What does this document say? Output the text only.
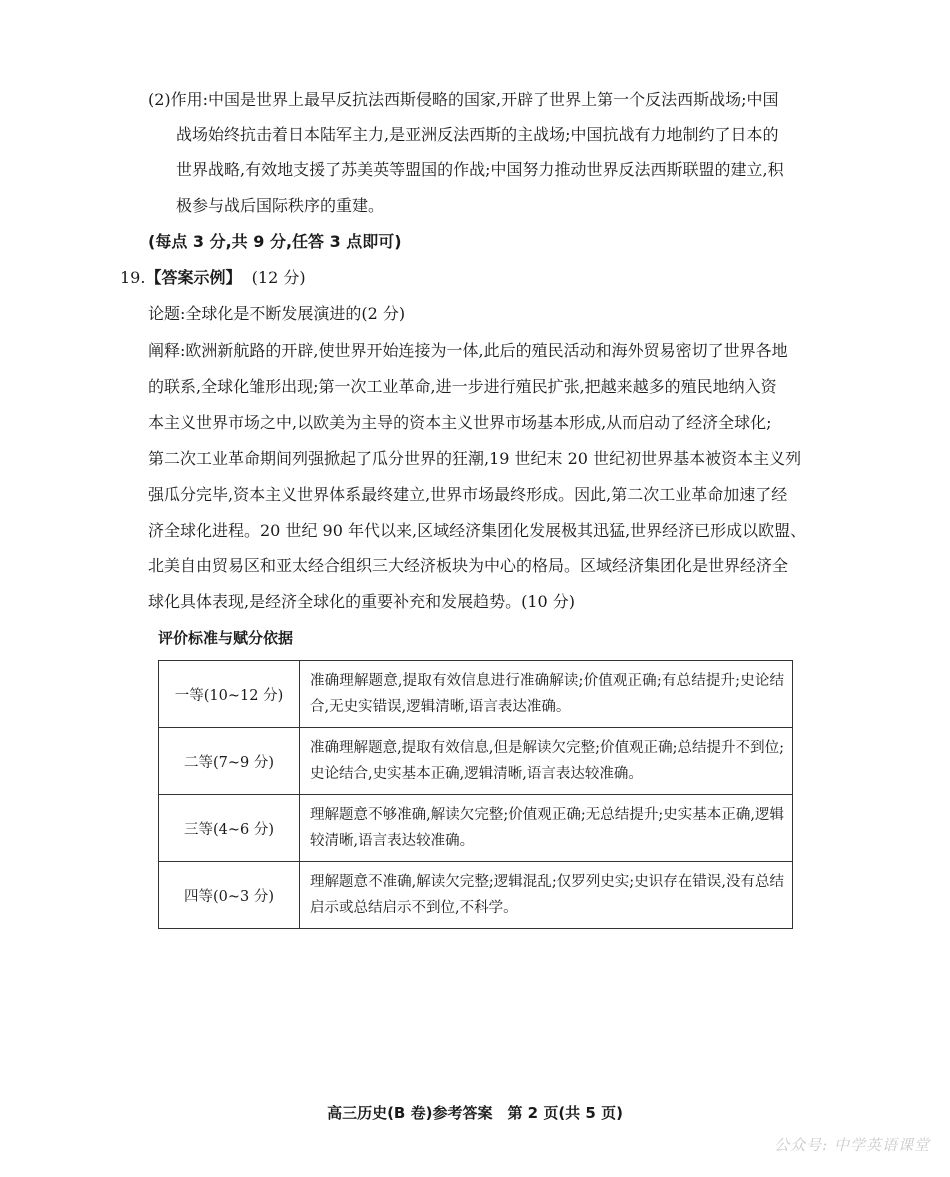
(2)作用:中国是世界上最早反抗法西斯侵略的国家,开辟了世界上第一个反法西斯战场;中国
战场始终抗击着日本陆军主力,是亚洲反法西斯的主战场;中国抗战有力地制约了日本的
世界战略,有效地支援了苏美英等盟国的作战;中国努力推动世界反法西斯联盟的建立,积
极参与战后国际秩序的重建。
(每点 3 分,共 9 分,任答 3 点即可)
19.【答案示例】 (12 分)
论题:全球化是不断发展演进的(2 分)
阐释:欧洲新航路的开辟,使世界开始连接为一体,此后的殖民活动和海外贸易密切了世界各地
的联系,全球化雏形出现;第一次工业革命,进一步进行殖民扩张,把越来越多的殖民地纳入资
本主义世界市场之中,以欧美为主导的资本主义世界市场基本形成,从而启动了经济全球化;
第二次工业革命期间列强掀起了瓜分世界的狂潮,19 世纪末 20 世纪初世界基本被资本主义列
强瓜分完毕,资本主义世界体系最终建立,世界市场最终形成。因此,第二次工业革命加速了经
济全球化进程。20 世纪 90 年代以来,区域经济集团化发展极其迅猛,世界经济已形成以欧盟、
北美自由贸易区和亚太经合组织三大经济板块为中心的格局。区域经济集团化是世界经济全
球化具体表现,是经济全球化的重要补充和发展趋势。(10 分)
评价标准与赋分依据
一等(10~12 分)	准确理解题意,提取有效信息进行准确解读;价值观正确;有总结提升;史论结合,无史实错误,逻辑清晰,语言表达准确。
二等(7~9 分)	准确理解题意,提取有效信息,但是解读欠完整;价值观正确;总结提升不到位;史论结合,史实基本正确,逻辑清晰,语言表达较准确。
三等(4~6 分)	理解题意不够准确,解读欠完整;价值观正确;无总结提升;史实基本正确,逻辑较清晰,语言表达较准确。
四等(0~3 分)	理解题意不准确,解读欠完整;逻辑混乱;仅罗列史实;史识存在错误,没有总结启示或总结启示不到位,不科学。
高三历史(B 卷)参考答案　第 2 页(共 5 页)
公众号: 中学英语课堂
